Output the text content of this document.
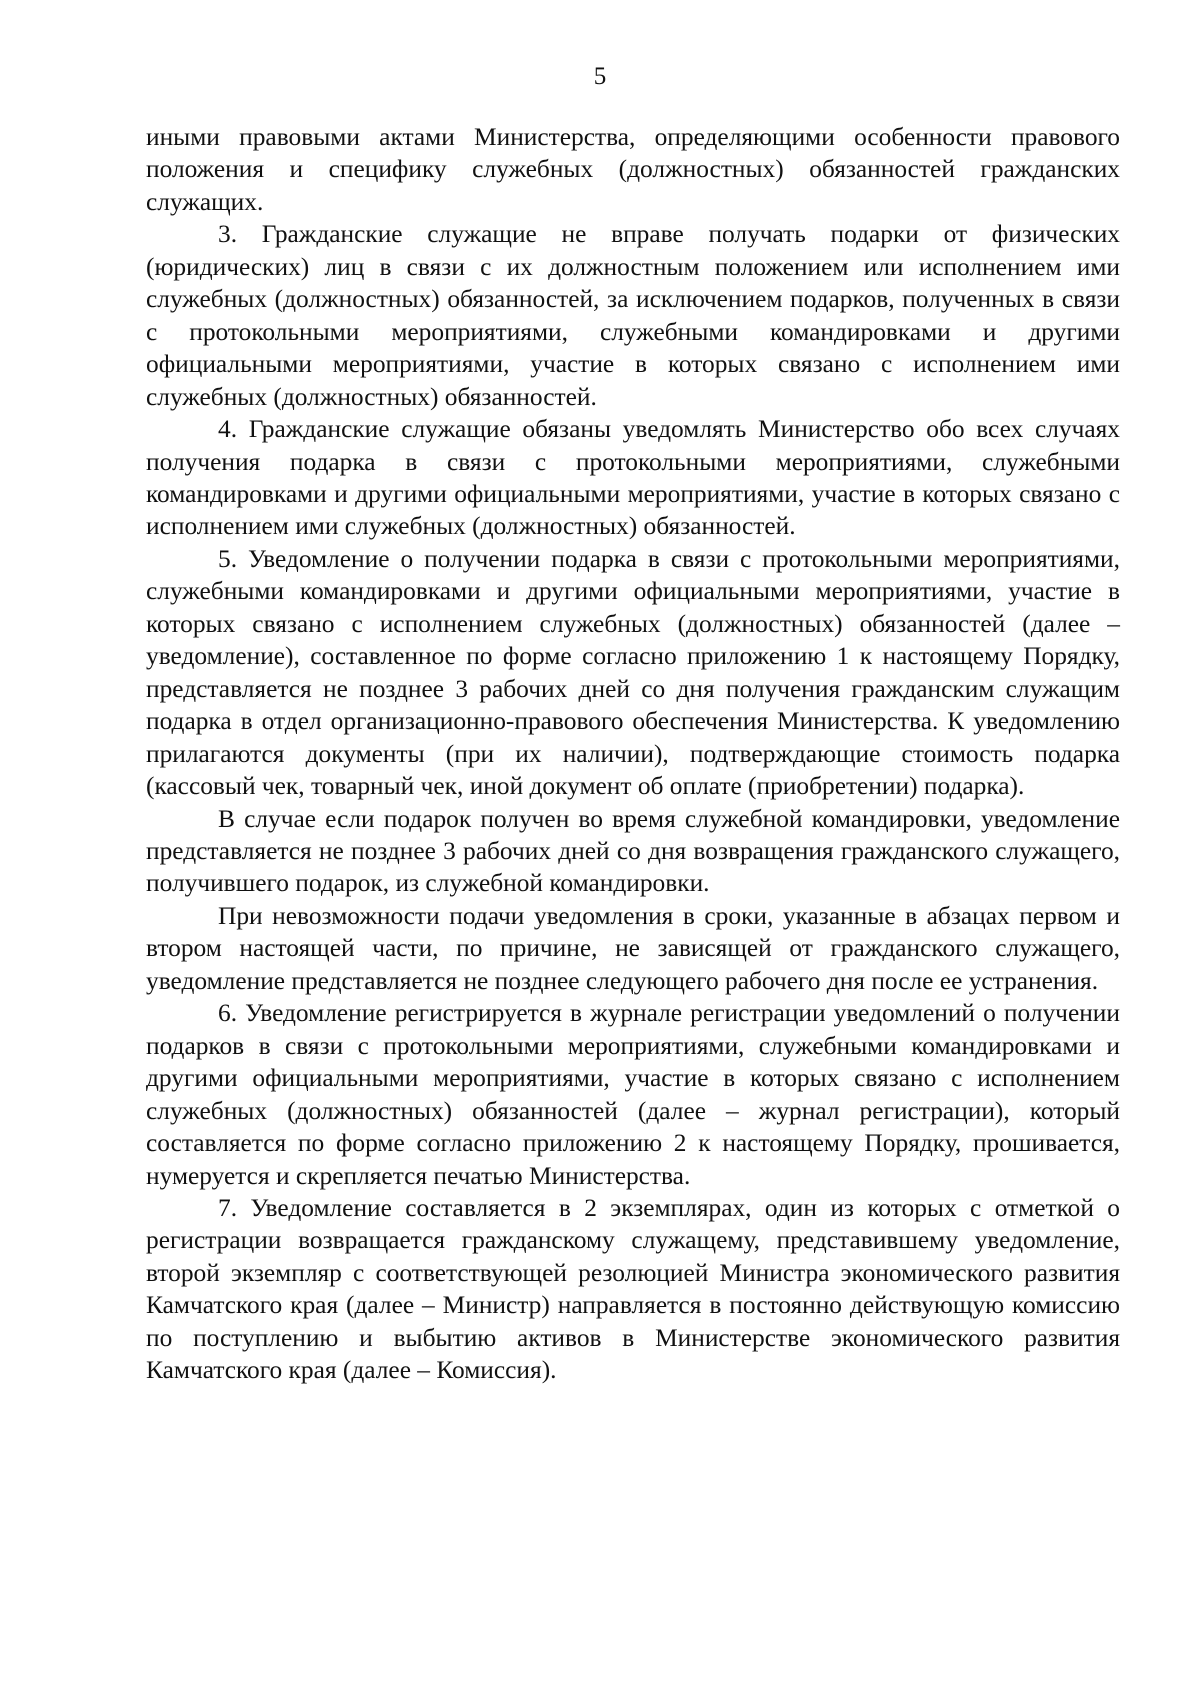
5

иными правовыми актами Министерства, определяющими особенности правового положения и специфику служебных (должностных) обязанностей гражданских служащих.

3. Гражданские служащие не вправе получать подарки от физических (юридических) лиц в связи с их должностным положением или исполнением ими служебных (должностных) обязанностей, за исключением подарков, полученных в связи с протокольными мероприятиями, служебными командировками и другими официальными мероприятиями, участие в которых связано с исполнением ими служебных (должностных) обязанностей.

4. Гражданские служащие обязаны уведомлять Министерство обо всех случаях получения подарка в связи с протокольными мероприятиями, служебными командировками и другими официальными мероприятиями, участие в которых связано с исполнением ими служебных (должностных) обязанностей.

5. Уведомление о получении подарка в связи с протокольными мероприятиями, служебными командировками и другими официальными мероприятиями, участие в которых связано с исполнением служебных (должностных) обязанностей (далее – уведомление), составленное по форме согласно приложению 1 к настоящему Порядку, представляется не позднее 3 рабочих дней со дня получения гражданским служащим подарка в отдел организационно-правового обеспечения Министерства. К уведомлению прилагаются документы (при их наличии), подтверждающие стоимость подарка (кассовый чек, товарный чек, иной документ об оплате (приобретении) подарка).

В случае если подарок получен во время служебной командировки, уведомление представляется не позднее 3 рабочих дней со дня возвращения гражданского служащего, получившего подарок, из служебной командировки.

При невозможности подачи уведомления в сроки, указанные в абзацах первом и втором настоящей части, по причине, не зависящей от гражданского служащего, уведомление представляется не позднее следующего рабочего дня после ее устранения.

6. Уведомление регистрируется в журнале регистрации уведомлений о получении подарков в связи с протокольными мероприятиями, служебными командировками и другими официальными мероприятиями, участие в которых связано с исполнением служебных (должностных) обязанностей (далее – журнал регистрации), который составляется по форме согласно приложению 2 к настоящему Порядку, прошивается, нумеруется и скрепляется печатью Министерства.

7. Уведомление составляется в 2 экземплярах, один из которых с отметкой о регистрации возвращается гражданскому служащему, представившему уведомление, второй экземпляр с соответствующей резолюцией Министра экономического развития Камчатского края (далее – Министр) направляется в постоянно действующую комиссию по поступлению и выбытию активов в Министерстве экономического развития Камчатского края (далее – Комиссия).
